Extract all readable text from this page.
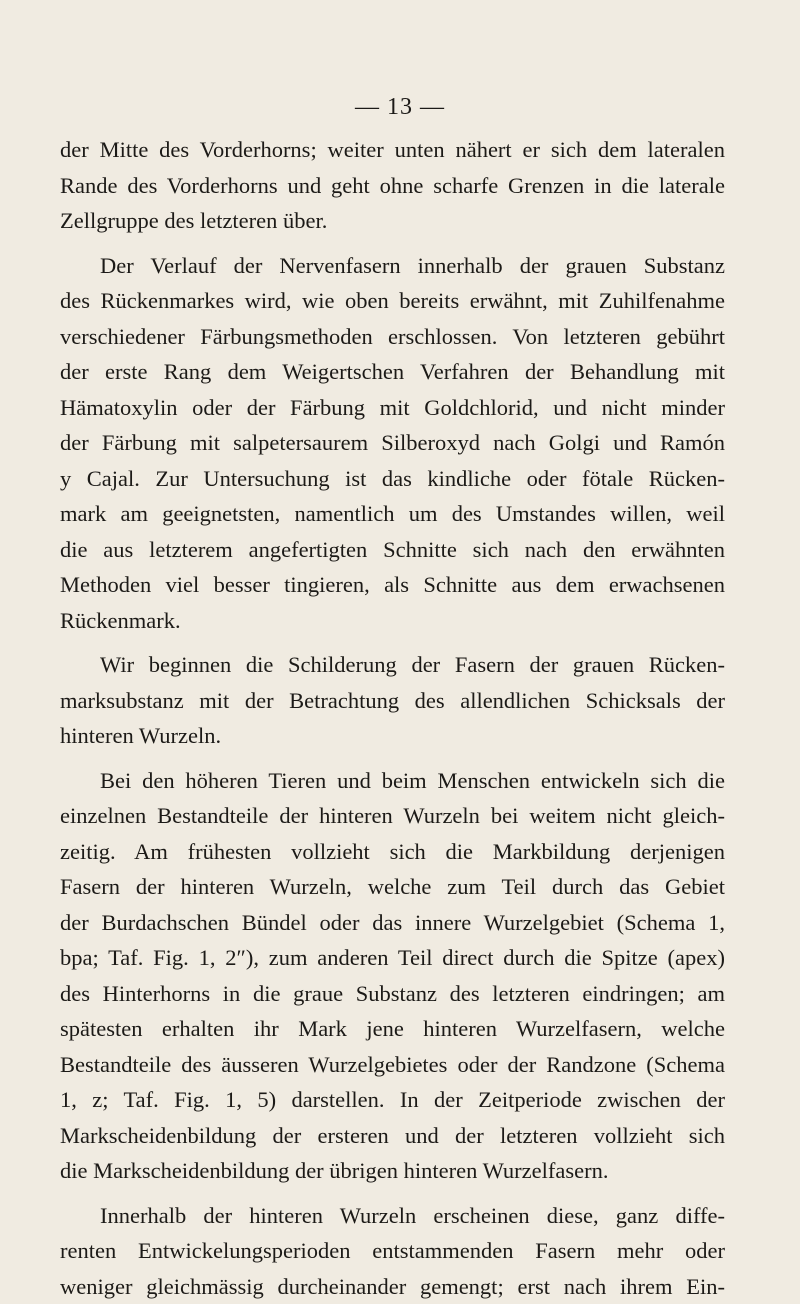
— 13 —
der Mitte des Vorderhorns; weiter unten nähert er sich dem lateralen
Rande des Vorderhorns und geht ohne scharfe Grenzen in die laterale
Zellgruppe des letzteren über.
Der Verlauf der Nervenfasern innerhalb der grauen Substanz
des Rückenmarkes wird, wie oben bereits erwähnt, mit Zuhilfenahme
verschiedener Färbungsmethoden erschlossen. Von letzteren gebührt
der erste Rang dem Weigertschen Verfahren der Behandlung mit
Hämatoxylin oder der Färbung mit Goldchlorid, und nicht minder
der Färbung mit salpetersaurem Silberoxyd nach Golgi und Ramón
y Cajal. Zur Untersuchung ist das kindliche oder fötale Rücken-
mark am geeignetsten, namentlich um des Umstandes willen, weil
die aus letzterem angefertigten Schnitte sich nach den erwähnten
Methoden viel besser tingieren, als Schnitte aus dem erwachsenen
Rückenmark.
Wir beginnen die Schilderung der Fasern der grauen Rücken-
marksubstanz mit der Betrachtung des allendlichen Schicksals der
hinteren Wurzeln.
Bei den höheren Tieren und beim Menschen entwickeln sich die
einzelnen Bestandteile der hinteren Wurzeln bei weitem nicht gleich-
zeitig. Am frühesten vollzieht sich die Markbildung derjenigen
Fasern der hinteren Wurzeln, welche zum Teil durch das Gebiet
der Burdachschen Bündel oder das innere Wurzelgebiet (Schema 1,
bpa; Taf. Fig. 1, 2″), zum anderen Teil direct durch die Spitze (apex)
des Hinterhorns in die graue Substanz des letzteren eindringen; am
spätesten erhalten ihr Mark jene hinteren Wurzelfasern, welche
Bestandteile des äusseren Wurzelgebietes oder der Randzone (Schema
1, z; Taf. Fig. 1, 5) darstellen. In der Zeitperiode zwischen der
Markscheidenbildung der ersteren und der letzteren vollzieht sich
die Markscheidenbildung der übrigen hinteren Wurzelfasern.
Innerhalb der hinteren Wurzeln erscheinen diese, ganz diffe-
renten Entwickelungsperioden entstammenden Fasern mehr oder
weniger gleichmässig durcheinander gemengt; erst nach ihrem Ein-
